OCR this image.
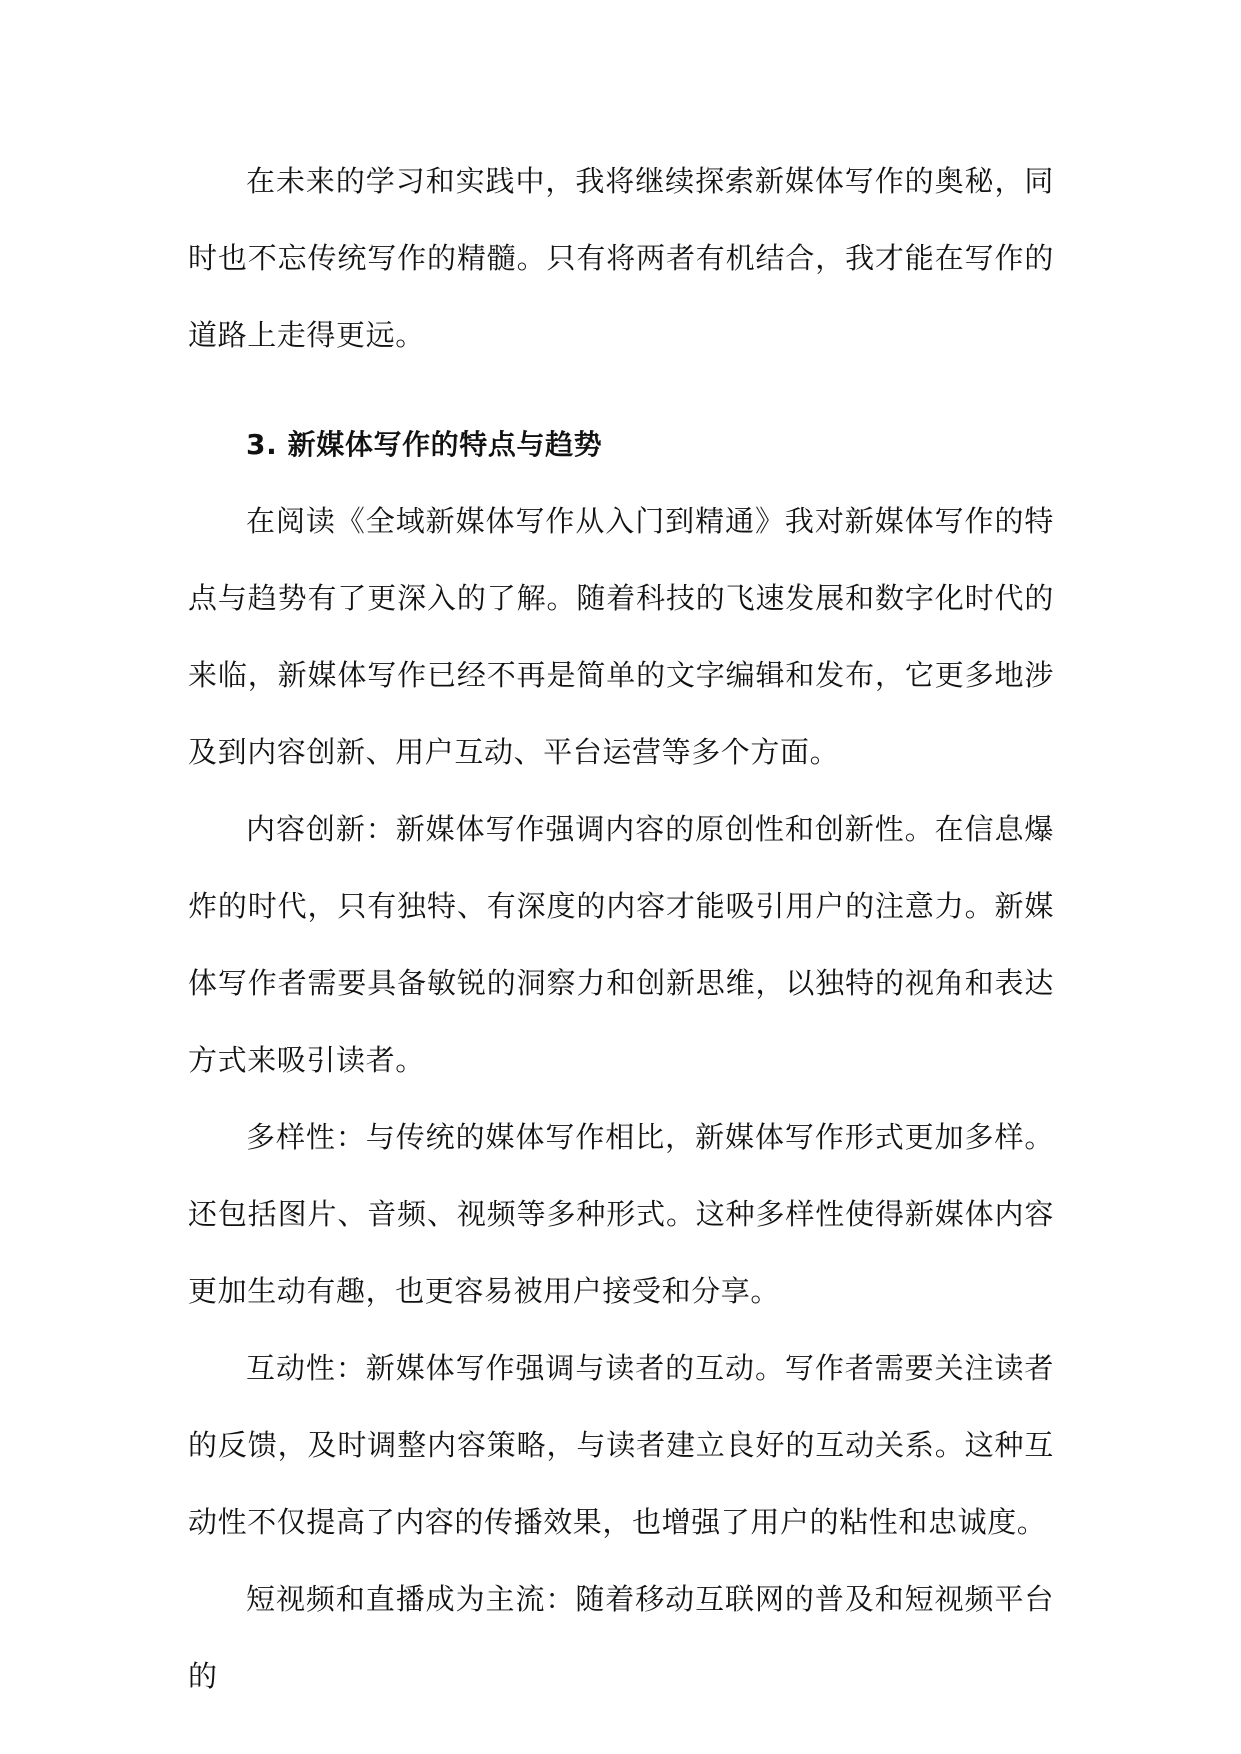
在未来的学习和实践中，我将继续探索新媒体写作的奥秘，同时也不忘传统写作的精髓。只有将两者有机结合，我才能在写作的道路上走得更远。

3. 新媒体写作的特点与趋势

在阅读《全域新媒体写作从入门到精通》我对新媒体写作的特点与趋势有了更深入的了解。随着科技的飞速发展和数字化时代的来临，新媒体写作已经不再是简单的文字编辑和发布，它更多地涉及到内容创新、用户互动、平台运营等多个方面。

内容创新：新媒体写作强调内容的原创性和创新性。在信息爆炸的时代，只有独特、有深度的内容才能吸引用户的注意力。新媒体写作者需要具备敏锐的洞察力和创新思维，以独特的视角和表达方式来吸引读者。

多样性：与传统的媒体写作相比，新媒体写作形式更加多样。还包括图片、音频、视频等多种形式。这种多样性使得新媒体内容更加生动有趣，也更容易被用户接受和分享。

互动性：新媒体写作强调与读者的互动。写作者需要关注读者的反馈，及时调整内容策略，与读者建立良好的互动关系。这种互动性不仅提高了内容的传播效果，也增强了用户的粘性和忠诚度。

短视频和直播成为主流：随着移动互联网的普及和短视频平台的
